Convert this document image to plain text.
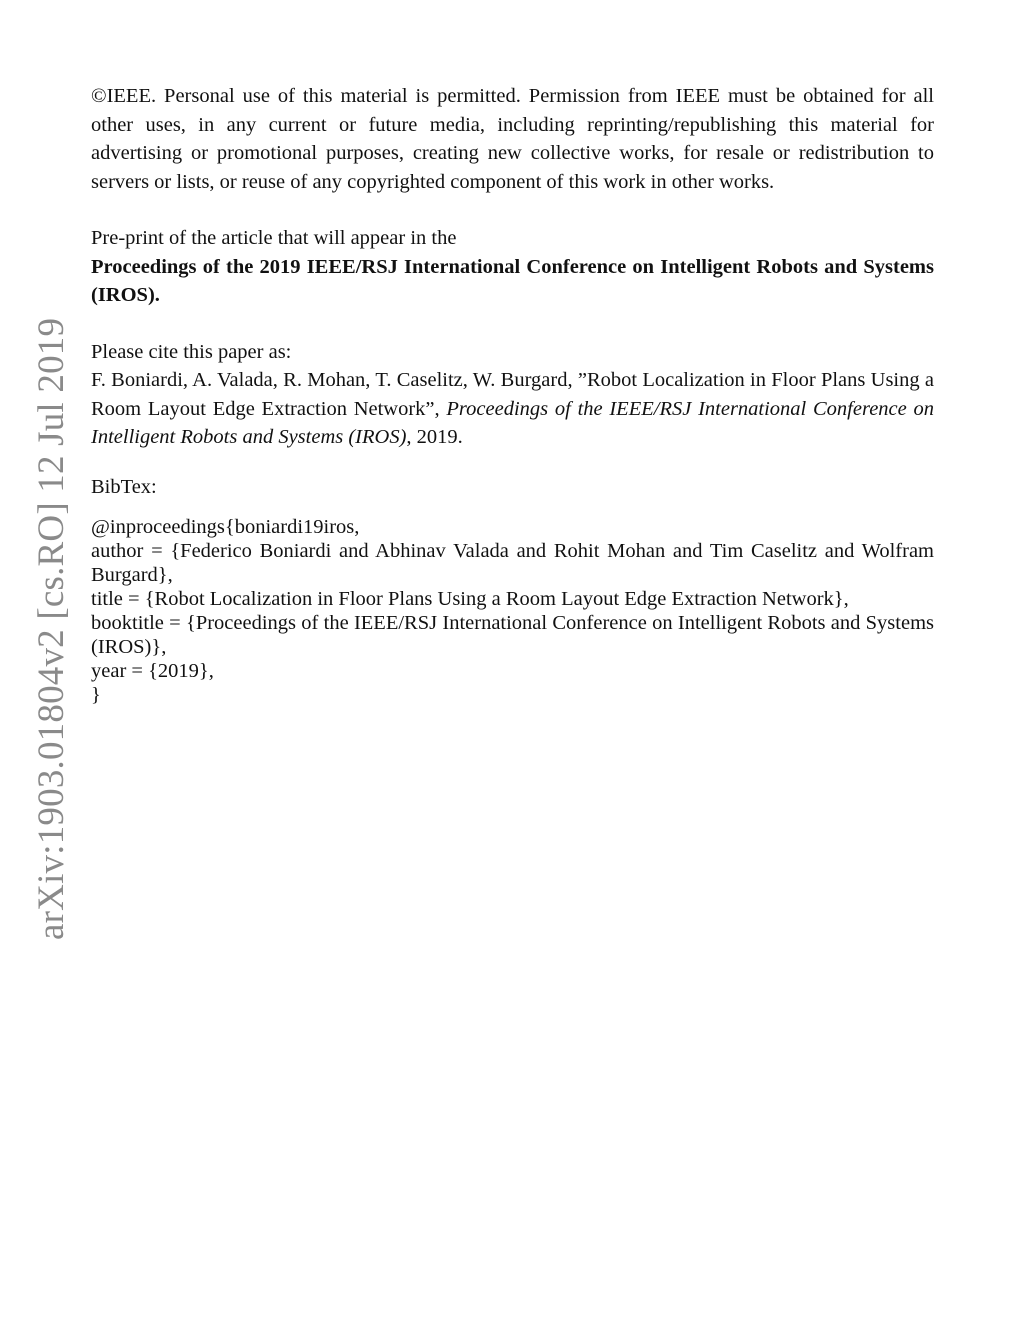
arXiv:1903.01804v2 [cs.RO] 12 Jul 2019

©IEEE. Personal use of this material is permitted. Permission from IEEE must be obtained for all other uses, in any current or future media, including reprinting/republishing this material for advertising or promotional purposes, creating new collective works, for resale or redistribution to servers or lists, or reuse of any copyrighted component of this work in other works.

Pre-print of the article that will appear in the

Proceedings of the 2019 IEEE/RSJ International Conference on Intelligent Robots and Systems (IROS).

Please cite this paper as:

F. Boniardi, A. Valada, R. Mohan, T. Caselitz, W. Burgard, ”Robot Localization in Floor Plans Using a Room Layout Edge Extraction Network”, Proceedings of the IEEE/RSJ International Conference on Intelligent Robots and Systems (IROS), 2019.

BibTex:

@inproceedings{boniardi19iros,

author = {Federico Boniardi and Abhinav Valada and Rohit Mohan and Tim Caselitz and Wolfram Burgard},

title = {Robot Localization in Floor Plans Using a Room Layout Edge Extraction Network},

booktitle = {Proceedings of the IEEE/RSJ International Conference on Intelligent Robots and Systems (IROS)},

year = {2019},

}
